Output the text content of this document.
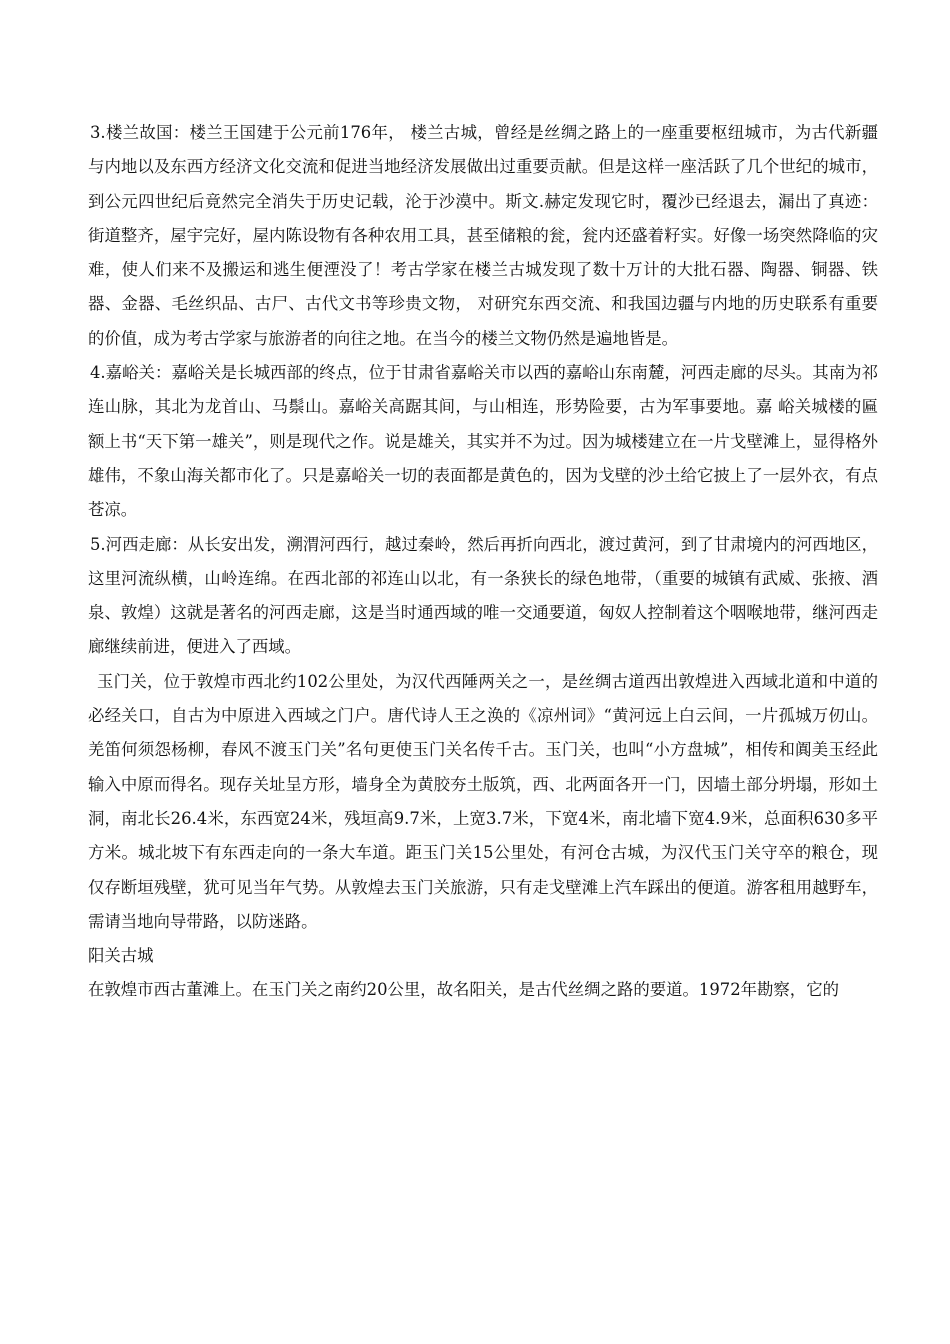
3.楼兰故国：楼兰王国建于公元前176年， 楼兰古城，曾经是丝绸之路上的一座重要枢纽城市，为古代新疆与内地以及东西方经济文化交流和促进当地经济发展做出过重要贡献。但是这样一座活跃了几个世纪的城市，到公元四世纪后竟然完全消失于历史记载，沦于沙漠中。斯文.赫定发现它时，覆沙已经退去，漏出了真迹：街道整齐，屋宇完好，屋内陈设物有各种农用工具，甚至储粮的瓮，瓮内还盛着籽实。好像一场突然降临的灾难，使人们来不及搬运和逃生便湮没了！考古学家在楼兰古城发现了数十万计的大批石器、陶器、铜器、铁器、金器、毛丝织品、古尸、古代文书等珍贵文物， 对研究东西交流、和我国边疆与内地的历史联系有重要的价值，成为考古学家与旅游者的向往之地。在当今的楼兰文物仍然是遍地皆是。

4.嘉峪关：嘉峪关是长城西部的终点，位于甘肃省嘉峪关市以西的嘉峪山东南麓，河西走廊的尽头。其南为祁连山脉，其北为龙首山、马鬃山。嘉峪关高踞其间，与山相连，形势险要，古为军事要地。嘉 峪关城楼的匾额上书“天下第一雄关”，则是现代之作。说是雄关，其实并不为过。因为城楼建立在一片戈壁滩上，显得格外雄伟，不象山海关都市化了。只是嘉峪关一切的表面都是黄色的，因为戈壁的沙土给它披上了一层外衣，有点苍凉。

5.河西走廊：从长安出发，溯渭河西行，越过秦岭，然后再折向西北，渡过黄河，到了甘肃境内的河西地区，这里河流纵横，山岭连绵。在西北部的祁连山以北，有一条狭长的绿色地带，（重要的城镇有武威、张掖、酒泉、敦煌）这就是著名的河西走廊，这是当时通西域的唯一交通要道，匈奴人控制着这个咽喉地带，继河西走廊继续前进，便进入了西域。

玉门关，位于敦煌市西北约102公里处，为汉代西陲两关之一，是丝绸古道西出敦煌进入西域北道和中道的必经关口，自古为中原进入西域之门户。唐代诗人王之涣的《凉州词》“黄河远上白云间，一片孤城万仞山。羌笛何须怨杨柳，春风不渡玉门关”名句更使玉门关名传千古。玉门关，也叫“小方盘城”，相传和阗美玉经此输入中原而得名。现存关址呈方形，墙身全为黄胶夯土版筑，西、北两面各开一门，因墙土部分坍塌，形如土洞，南北长26.4米，东西宽24米，残垣高9.7米，上宽3.7米，下宽4米，南北墙下宽4.9米，总面积630多平方米。城北坡下有东西走向的一条大车道。距玉门关15公里处，有河仓古城，为汉代玉门关守卒的粮仓，现仅存断垣残壁，犹可见当年气势。从敦煌去玉门关旅游，只有走戈壁滩上汽车踩出的便道。游客租用越野车，需请当地向导带路，以防迷路。

阳关古城

在敦煌市西古董滩上。在玉门关之南约20公里，故名阳关，是古代丝绸之路的要道。1972年勘察，它的
